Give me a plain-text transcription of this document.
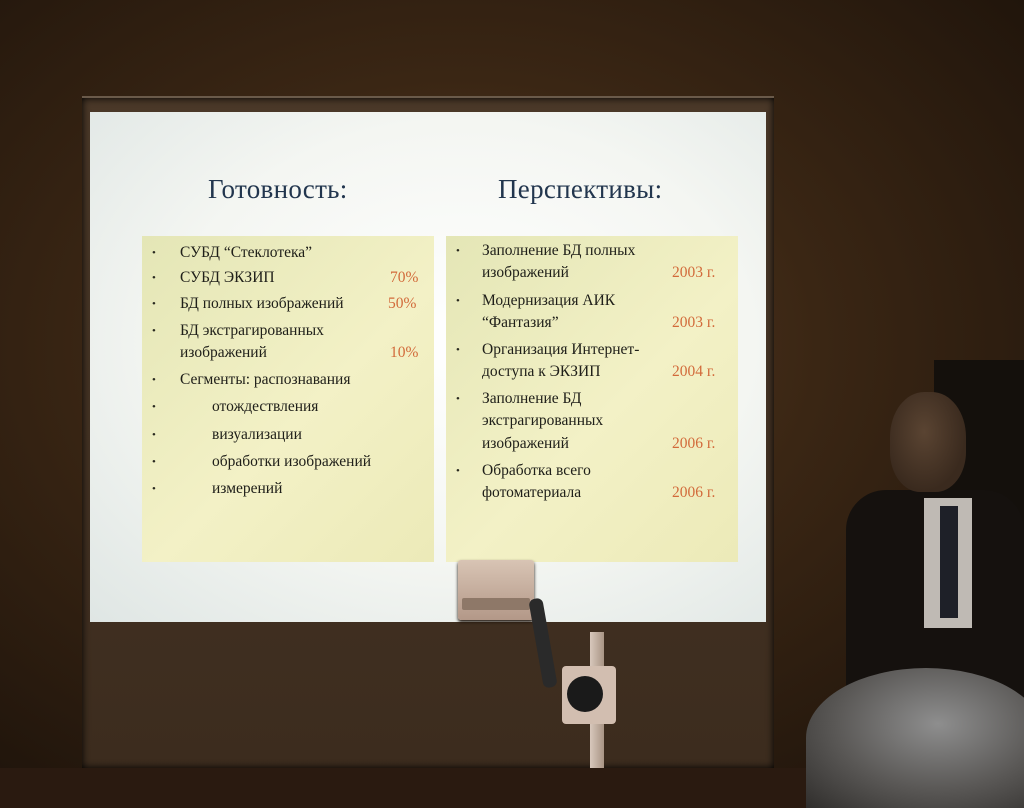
Готовность:	Перспективы:
• СУБД “Стеклотека”
• СУБД ЭКЗИП	70%
• БД полных изображений	50%
• БД экстрагированных
изображений	10%
• Сегменты: распознавания
•	отождествления
•	визуализации
•	обработки изображений
•	измерений
• Заполнение БД полных
изображений	2003 г.
• Модернизация АИК
“Фантазия”	2003 г.
• Организация Интернет-
доступа к ЭКЗИП	2004 г.
• Заполнение БД
экстрагированных
изображений	2006 г.
• Обработка всего
фотоматериала	2006 г.
